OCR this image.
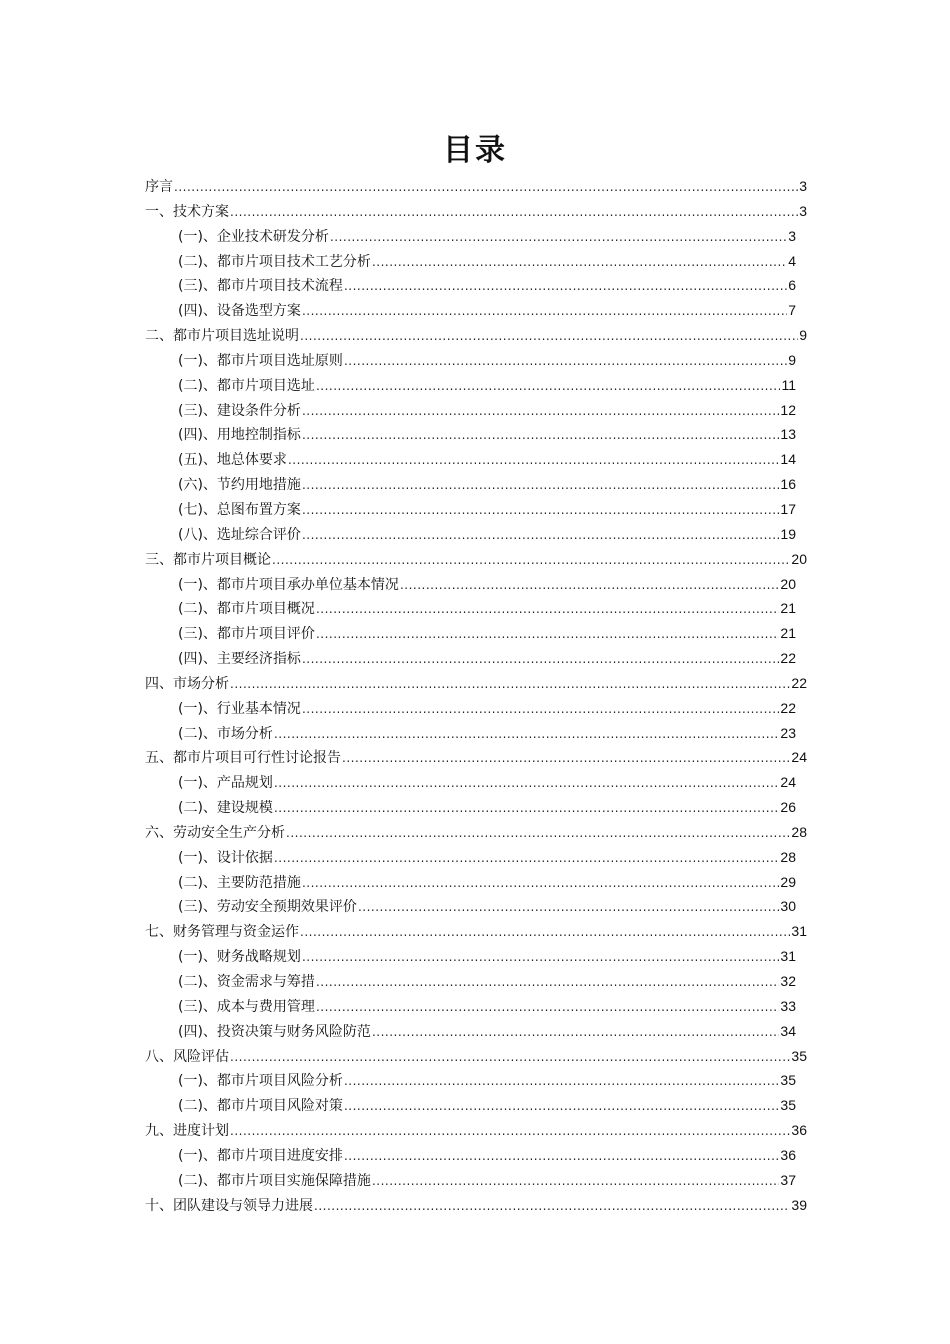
目录
序言 .....	3
一、技术方案 .....	3
(一)、企业技术研发分析 .....	3
(二)、都市片项目技术工艺分析 .....	4
(三)、都市片项目技术流程 .....	6
(四)、设备选型方案 .....	7
二、都市片项目选址说明 .....	9
(一)、都市片项目选址原则 .....	9
(二)、都市片项目选址 .....	11
(三)、建设条件分析 .....	12
(四)、用地控制指标 .....	13
(五)、地总体要求 .....	14
(六)、节约用地措施 .....	16
(七)、总图布置方案 .....	17
(八)、选址综合评价 .....	19
三、都市片项目概论 .....	20
(一)、都市片项目承办单位基本情况 .....	20
(二)、都市片项目概况 .....	21
(三)、都市片项目评价 .....	21
(四)、主要经济指标 .....	22
四、市场分析 .....	22
(一)、行业基本情况 .....	22
(二)、市场分析 .....	23
五、都市片项目可行性讨论报告 .....	24
(一)、产品规划 .....	24
(二)、建设规模 .....	26
六、劳动安全生产分析 .....	28
(一)、设计依据 .....	28
(二)、主要防范措施 .....	29
(三)、劳动安全预期效果评价 .....	30
七、财务管理与资金运作 .....	31
(一)、财务战略规划 .....	31
(二)、资金需求与筹措 .....	32
(三)、成本与费用管理 .....	33
(四)、投资决策与财务风险防范 .....	34
八、风险评估 .....	35
(一)、都市片项目风险分析 .....	35
(二)、都市片项目风险对策 .....	35
九、进度计划 .....	36
(一)、都市片项目进度安排 .....	36
(二)、都市片项目实施保障措施 .....	37
十、团队建设与领导力进展 .....	39
